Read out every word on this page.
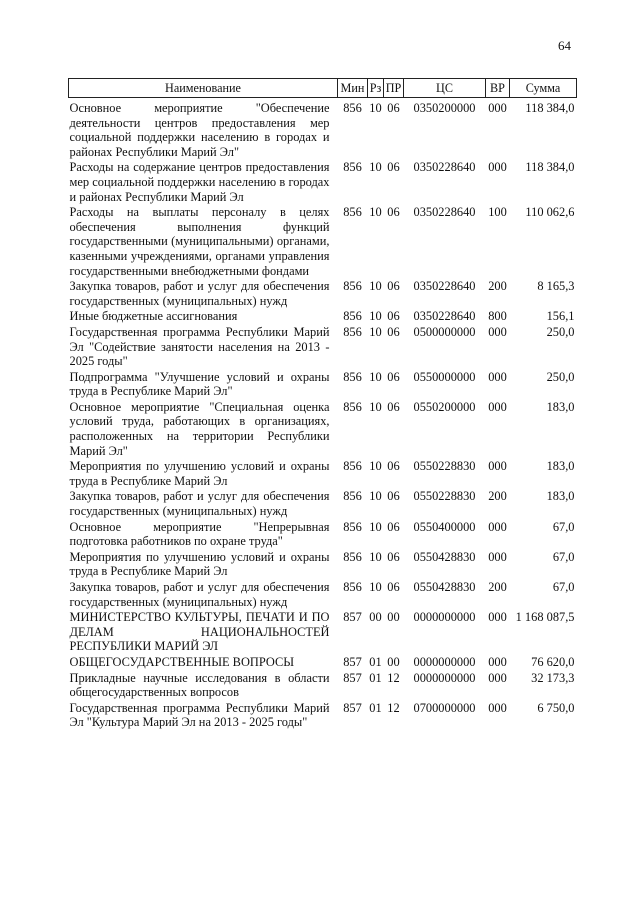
64
Наименование	Мин	Рз	ПР	ЦС	ВР	Сумма
Основное мероприятие "Обеспечение деятельности центров предоставления мер социальной поддержки населению в городах и районах Республики Марий Эл"	856	10	06	0350200000	000	118 384,0
Расходы на содержание центров предоставления мер социальной поддержки населению в городах и районах Республики Марий Эл	856	10	06	0350228640	000	118 384,0
Расходы на выплаты персоналу в целях обеспечения выполнения функций государственными (муниципальными) органами, казенными учреждениями, органами управления государственными внебюджетными фондами	856	10	06	0350228640	100	110 062,6
Закупка товаров, работ и услуг для обеспечения государственных (муниципальных) нужд	856	10	06	0350228640	200	8 165,3
Иные бюджетные ассигнования	856	10	06	0350228640	800	156,1
Государственная программа Республики Марий Эл "Содействие занятости населения на 2013 - 2025 годы"	856	10	06	0500000000	000	250,0
Подпрограмма "Улучшение условий и охраны труда в Республике Марий Эл"	856	10	06	0550000000	000	250,0
Основное мероприятие "Специальная оценка условий труда, работающих в организациях, расположенных на территории Республики Марий Эл"	856	10	06	0550200000	000	183,0
Мероприятия по улучшению условий и охраны труда в Республике Марий Эл	856	10	06	0550228830	000	183,0
Закупка товаров, работ и услуг для обеспечения государственных (муниципальных) нужд	856	10	06	0550228830	200	183,0
Основное мероприятие "Непрерывная подготовка работников по охране труда"	856	10	06	0550400000	000	67,0
Мероприятия по улучшению условий и охраны труда в Республике Марий Эл	856	10	06	0550428830	000	67,0
Закупка товаров, работ и услуг для обеспечения государственных (муниципальных) нужд	856	10	06	0550428830	200	67,0
МИНИСТЕРСТВО КУЛЬТУРЫ, ПЕЧАТИ И ПО ДЕЛАМ НАЦИОНАЛЬНОСТЕЙ РЕСПУБЛИКИ МАРИЙ ЭЛ	857	00	00	0000000000	000	1 168 087,5
ОБЩЕГОСУДАРСТВЕННЫЕ ВОПРОСЫ	857	01	00	0000000000	000	76 620,0
Прикладные научные исследования в области общегосударственных вопросов	857	01	12	0000000000	000	32 173,3
Государственная программа Республики Марий Эл "Культура Марий Эл на 2013 - 2025 годы"	857	01	12	0700000000	000	6 750,0
